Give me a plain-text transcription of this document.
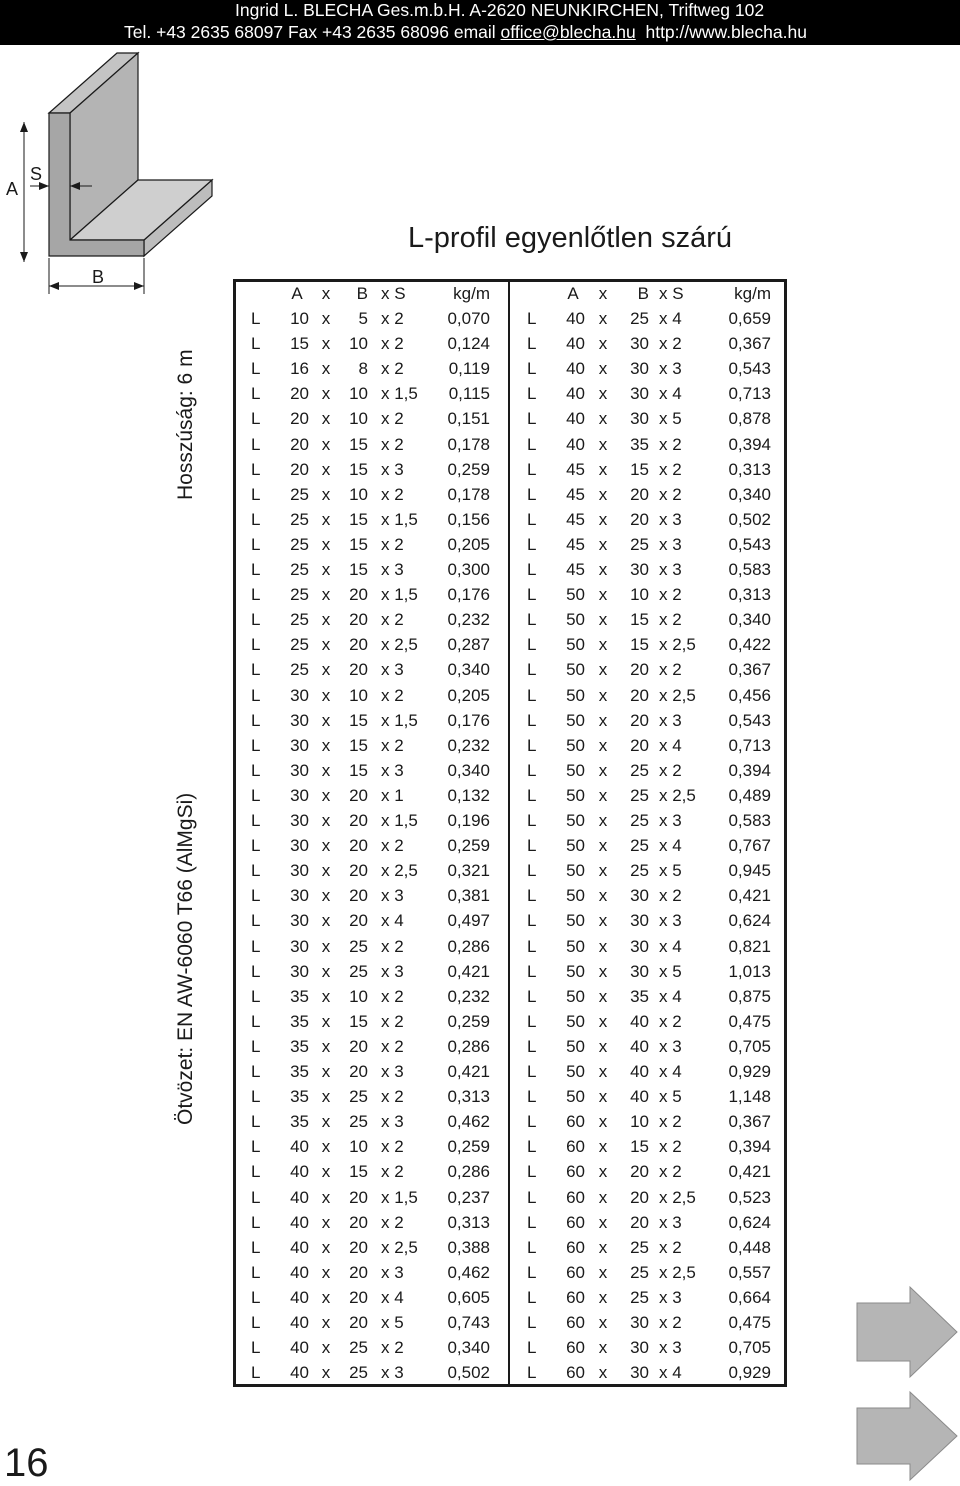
Ingrid L. BLECHA Ges.m.b.H. A-2620 NEUNKIRCHEN, Triftweg 102
Tel. +43 2635 68097 Fax +43 2635 68096 email office@blecha.hu http://www.blecha.hu
A
S
B
L-profil egyenlőtlen szárú
Hosszúság: 6 m
Ötvözet: EN AW-6060 T66 (AlMgSi)
A	x	B x S	kg/m
L	10 x	5 x 2	0,070
L	15 x	10 x 2	0,124
L	16 x	8 x 2	0,119
L	20 x	10 x 1,5	0,115
L	20 x	10 x 2	0,151
L	20 x	15 x 2	0,178
L	20 x	15 x 3	0,259
L	25 x	10 x 2	0,178
L	25 x	15 x 1,5	0,156
L	25 x	15 x 2	0,205
L	25 x	15 x 3	0,300
L	25 x	20 x 1,5	0,176
L	25 x	20 x 2	0,232
L	25 x	20 x 2,5	0,287
L	25 x	20 x 3	0,340
L	30 x	10 x 2	0,205
L	30 x	15 x 1,5	0,176
L	30 x	15 x 2	0,232
L	30 x	15 x 3	0,340
L	30 x	20 x 1	0,132
L	30 x	20 x 1,5	0,196
L	30 x	20 x 2	0,259
L	30 x	20 x 2,5	0,321
L	30 x	20 x 3	0,381
L	30 x	20 x 4	0,497
L	30 x	25 x 2	0,286
L	30 x	25 x 3	0,421
L	35 x	10 x 2	0,232
L	35 x	15 x 2	0,259
L	35 x	20 x 2	0,286
L	35 x	20 x 3	0,421
L	35 x	25 x 2	0,313
L	35 x	25 x 3	0,462
L	40 x	10 x 2	0,259
L	40 x	15 x 2	0,286
L	40 x	20 x 1,5	0,237
L	40 x	20 x 2	0,313
L	40 x	20 x 2,5	0,388
L	40 x	20 x 3	0,462
L	40 x	20 x 4	0,605
L	40 x	20 x 5	0,743
L	40 x	25 x 2	0,340
L	40 x	25 x 3	0,502
A	x	B x S	kg/m
L	40 x	25 x 4	0,659
L	40 x	30 x 2	0,367
L	40 x	30 x 3	0,543
L	40 x	30 x 4	0,713
L	40 x	30 x 5	0,878
L	40 x	35 x 2	0,394
L	45 x	15 x 2	0,313
L	45 x	20 x 2	0,340
L	45 x	20 x 3	0,502
L	45 x	25 x 3	0,543
L	45 x	30 x 3	0,583
L	50 x	10 x 2	0,313
L	50 x	15 x 2	0,340
L	50 x	15 x 2,5	0,422
L	50 x	20 x 2	0,367
L	50 x	20 x 2,5	0,456
L	50 x	20 x 3	0,543
L	50 x	20 x 4	0,713
L	50 x	25 x 2	0,394
L	50 x	25 x 2,5	0,489
L	50 x	25 x 3	0,583
L	50 x	25 x 4	0,767
L	50 x	25 x 5	0,945
L	50 x	30 x 2	0,421
L	50 x	30 x 3	0,624
L	50 x	30 x 4	0,821
L	50 x	30 x 5	1,013
L	50 x	35 x 4	0,875
L	50 x	40 x 2	0,475
L	50 x	40 x 3	0,705
L	50 x	40 x 4	0,929
L	50 x	40 x 5	1,148
L	60 x	10 x 2	0,367
L	60 x	15 x 2	0,394
L	60 x	20 x 2	0,421
L	60 x	20 x 2,5	0,523
L	60 x	20 x 3	0,624
L	60 x	25 x 2	0,448
L	60 x	25 x 2,5	0,557
L	60 x	25 x 3	0,664
L	60 x	30 x 2	0,475
L	60 x	30 x 3	0,705
L	60 x	30 x 4	0,929
16
